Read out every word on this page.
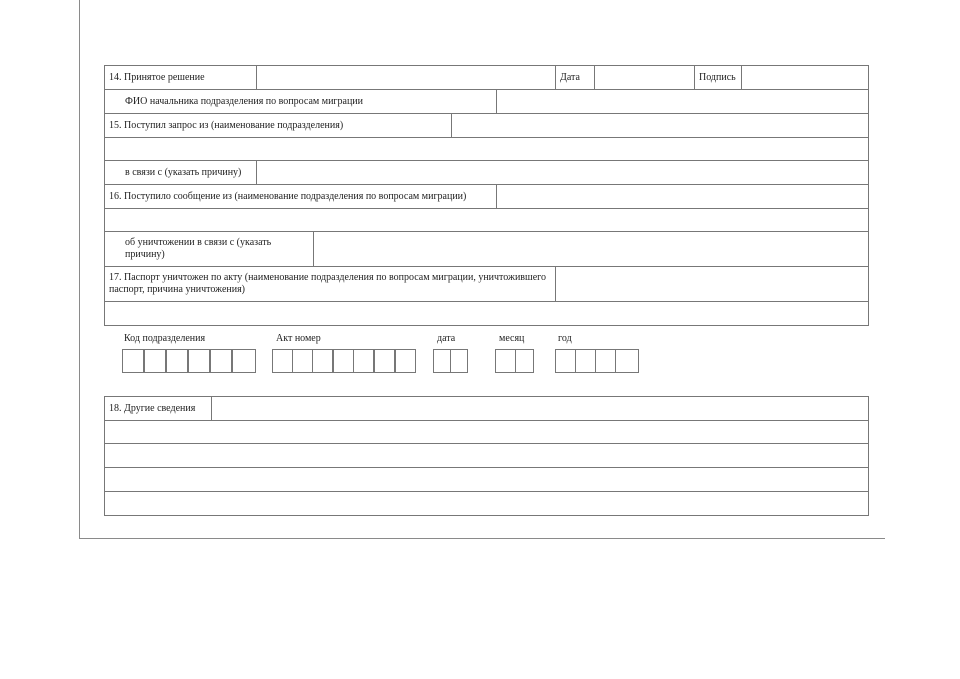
14. Принятое решение	Дата	Подпись
ФИО начальника подразделения по вопросам миграции
15. Поступил запрос из (наименование подразделения)
в связи с (указать причину)
16. Поступило сообщение из (наименование подразделения по вопросам миграции)
об уничтожении в связи с (указать причину)
17. Паспорт уничтожен по акту (наименование подразделения по вопросам миграции, уничтожившего паспорт, причина уничтожения)
Код подразделения	Акт номер	дата	месяц	год
18. Другие сведения
